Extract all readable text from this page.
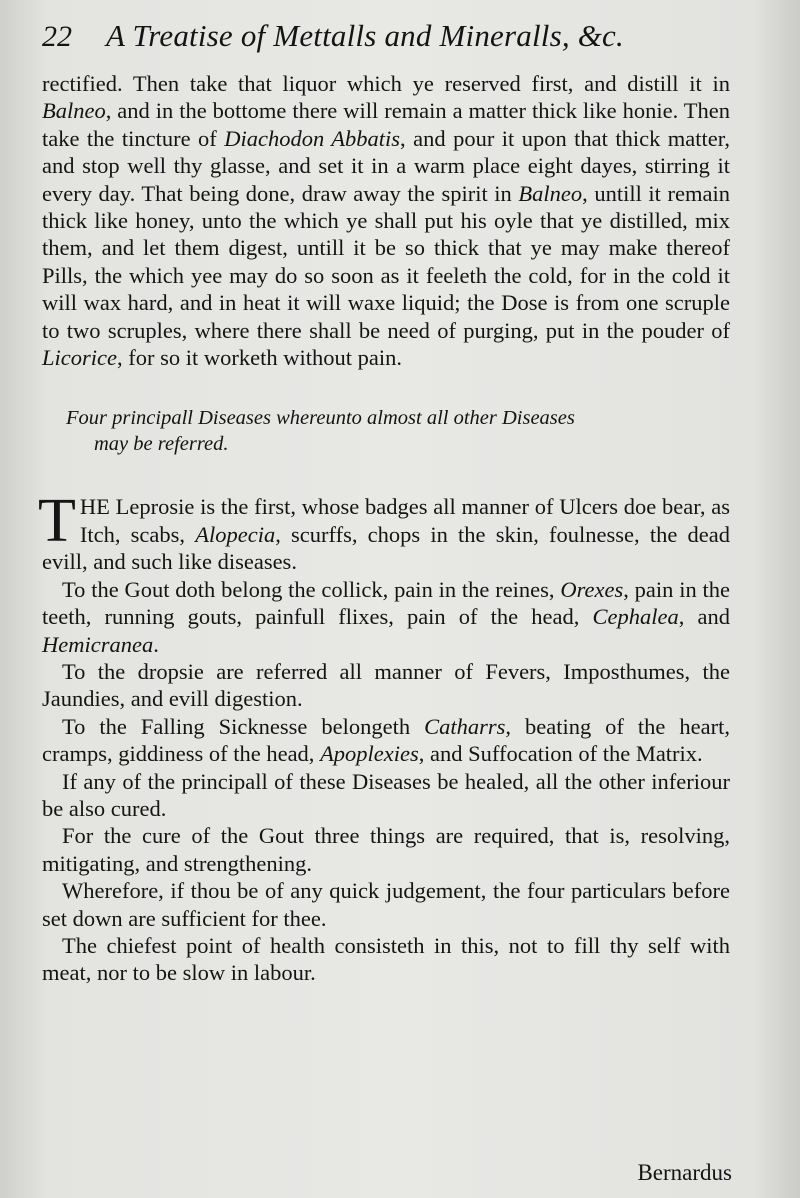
22	A Treatise of Mettalls and Mineralls, &c.

rectified. Then take that liquor which ye reserved first, and distill it in Balneo, and in the bottome there will remain a matter thick like honie. Then take the tincture of Diachodon Abbatis, and pour it upon that thick matter, and stop well thy glasse, and set it in a warm place eight dayes, stirring it every day. That being done, draw away the spirit in Balneo, untill it remain thick like honey, unto the which ye shall put his oyle that ye distilled, mix them, and let them digest, untill it be so thick that ye may make thereof Pills, the which yee may do so soon as it feeleth the cold, for in the cold it will wax hard, and in heat it will waxe liquid; the Dose is from one scruple to two scruples, where there shall be need of purging, put in the pouder of Licorice, for so it worketh without pain.

Four principall Diseases whereunto almost all other Diseases
may be referred.

THE Leprosie is the first, whose badges all manner of Ulcers doe bear, as Itch, scabs, Alopecia, scurffs, chops in the skin, foulnesse, the dead evill, and such like diseases.

To the Gout doth belong the collick, pain in the reines, Orexes, pain in the teeth, running gouts, painfull flixes, pain of the head, Cephalea, and Hemicranea.

To the dropsie are referred all manner of Fevers, Imposthumes, the Jaundies, and evill digestion.

To the Falling Sicknesse belongeth Catharrs, beating of the heart, cramps, giddiness of the head, Apoplexies, and Suffocation of the Matrix.

If any of the principall of these Diseases be healed, all the other inferiour be also cured.

For the cure of the Gout three things are required, that is, resolving, mitigating, and strengthening.

Wherefore, if thou be of any quick judgement, the four particulars before set down are sufficient for thee.

The chiefest point of health consisteth in this, not to fill thy self with meat, nor to be slow in labour.

Bernardus
